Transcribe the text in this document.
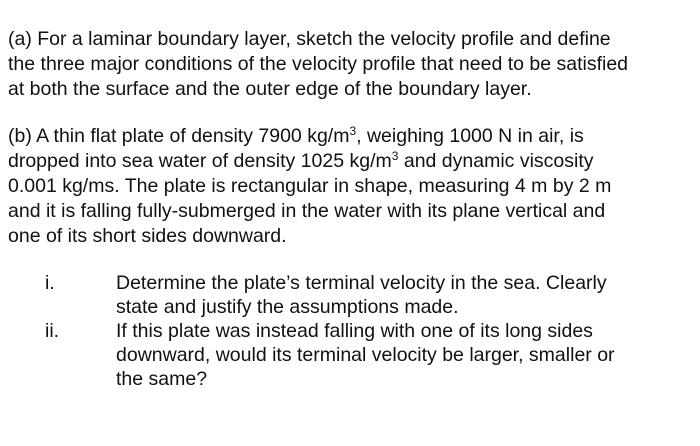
(a) For a laminar boundary layer, sketch the velocity profile and define
the three major conditions of the velocity profile that need to be satisfied
at both the surface and the outer edge of the boundary layer.

(b) A thin flat plate of density 7900 $kg/m^3$, weighing 1000 N in air, is
dropped into sea water of density 1025 $kg/m^3$ and dynamic viscosity
0.001 kg/ms. The plate is rectangular in shape, measuring 4 m by 2 m
and it is falling fully-submerged in the water with its plane vertical and
one of its short sides downward.

i.	Determine the plate’s terminal velocity in the sea. Clearly
state and justify the assumptions made.
ii.	If this plate was instead falling with one of its long sides
downward, would its terminal velocity be larger, smaller or
the same?
